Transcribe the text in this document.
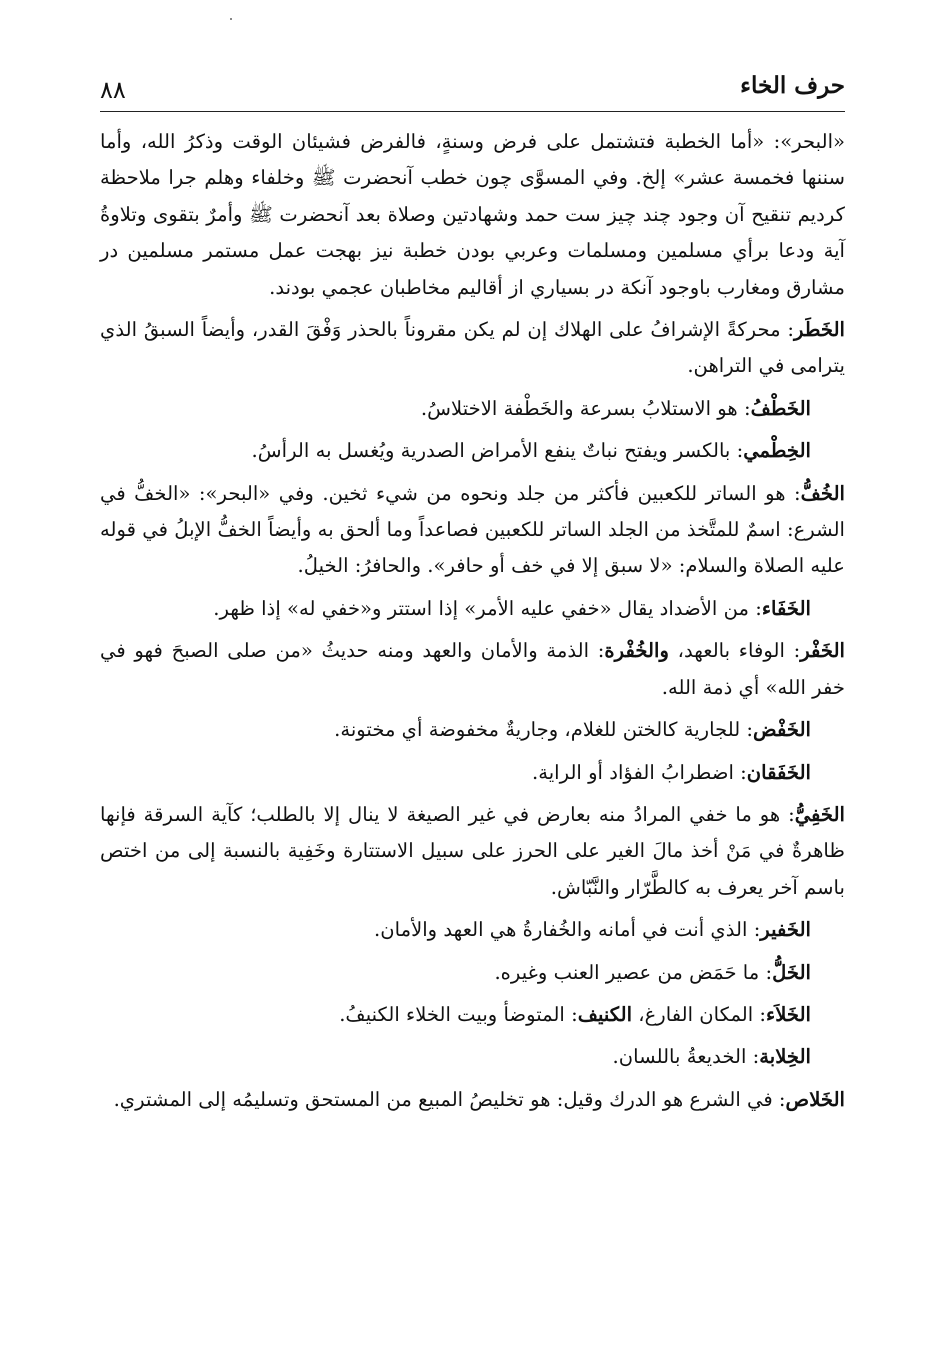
٨٨	حرف الخاء

«البحر»: «أما الخطبة فتشتمل على فرض وسنةٍ، فالفرض فشيئان الوقت وذكرُ الله، وأما سننها فخمسة عشر» إلخ. وفي المسوَّى چون خطب آنحضرت ﷺ وخلفاء وهلم جرا ملاحظة كرديم تنقيح آن وجود چند چيز ست حمد وشهادتين وصلاة بعد آنحضرت ﷺ وأمرٌ بتقوى وتلاوةُ آية ودعا برأي مسلمين ومسلمات وعربي بودن خطبة نيز بهجت عمل مستمر مسلمين در مشارق ومغارب باوجود آنكة در بسياري از أقاليم مخاطبان عجمي بودند.

الخَطَر: محركةً الإشرافُ على الهلاك إن لم يكن مقروناً بالحذر وَفْقَ القدر، وأيضاً السبقُ الذي يترامى في التراهن.

الخَطْفُ: هو الاستلابُ بسرعة والخَطْفة الاختلاسُ.

الخِطْمي: بالكسر ويفتح نباتٌ ينفع الأمراض الصدرية ويُغسل به الرأسُ.

الخُفُّ: هو الساتر للكعبين فأكثر من جلد ونحوه من شيء ثخين. وفي «البحر»: «الخفُّ في الشرع: اسمٌ للمتَّخذ من الجلد الساتر للكعبين فصاعداً وما ألحق به وأيضاً الخفُّ الإبلُ في قوله عليه الصلاة والسلام: «لا سبق إلا في خف أو حافر». والحافرُ: الخيلُ.

الخَفَاء: من الأضداد يقال «خفي عليه الأمر» إذا استتر و«خفي له» إذا ظهر.

الخَفْر: الوفاء بالعهد، والخُفْرة: الذمة والأمان والعهد ومنه حديثُ «من صلى الصبحَ فهو في خفر الله» أي ذمة الله.

الخَفْض: للجارية كالختن للغلام، وجاريةٌ مخفوضة أي مختونة.

الخَفَقان: اضطرابُ الفؤاد أو الراية.

الخَفِيُّ: هو ما خفي المرادُ منه بعارض في غير الصيغة لا ينال إلا بالطلب؛ كآية السرقة فإنها ظاهرةٌ في مَنْ أخذ مالَ الغير على الحرز على سبيل الاستتارة وخَفِية بالنسبة إلى من اختص باسم آخر يعرف به كالطَّرّار والنَّبّاش.

الخَفير: الذي أنت في أمانه والخُفارةُ هي العهد والأمان.

الخَلُّ: ما حَمَض من عصير العنب وغيره.

الخَلاَء: المكان الفارغ، الكنيف: المتوضأ وبيت الخلاء الكنيفُ.

الخِلابة: الخديعةُ باللسان.

الخَلاص: في الشرع هو الدرك وقيل: هو تخليصُ المبيع من المستحق وتسليمُه إلى المشتري.
